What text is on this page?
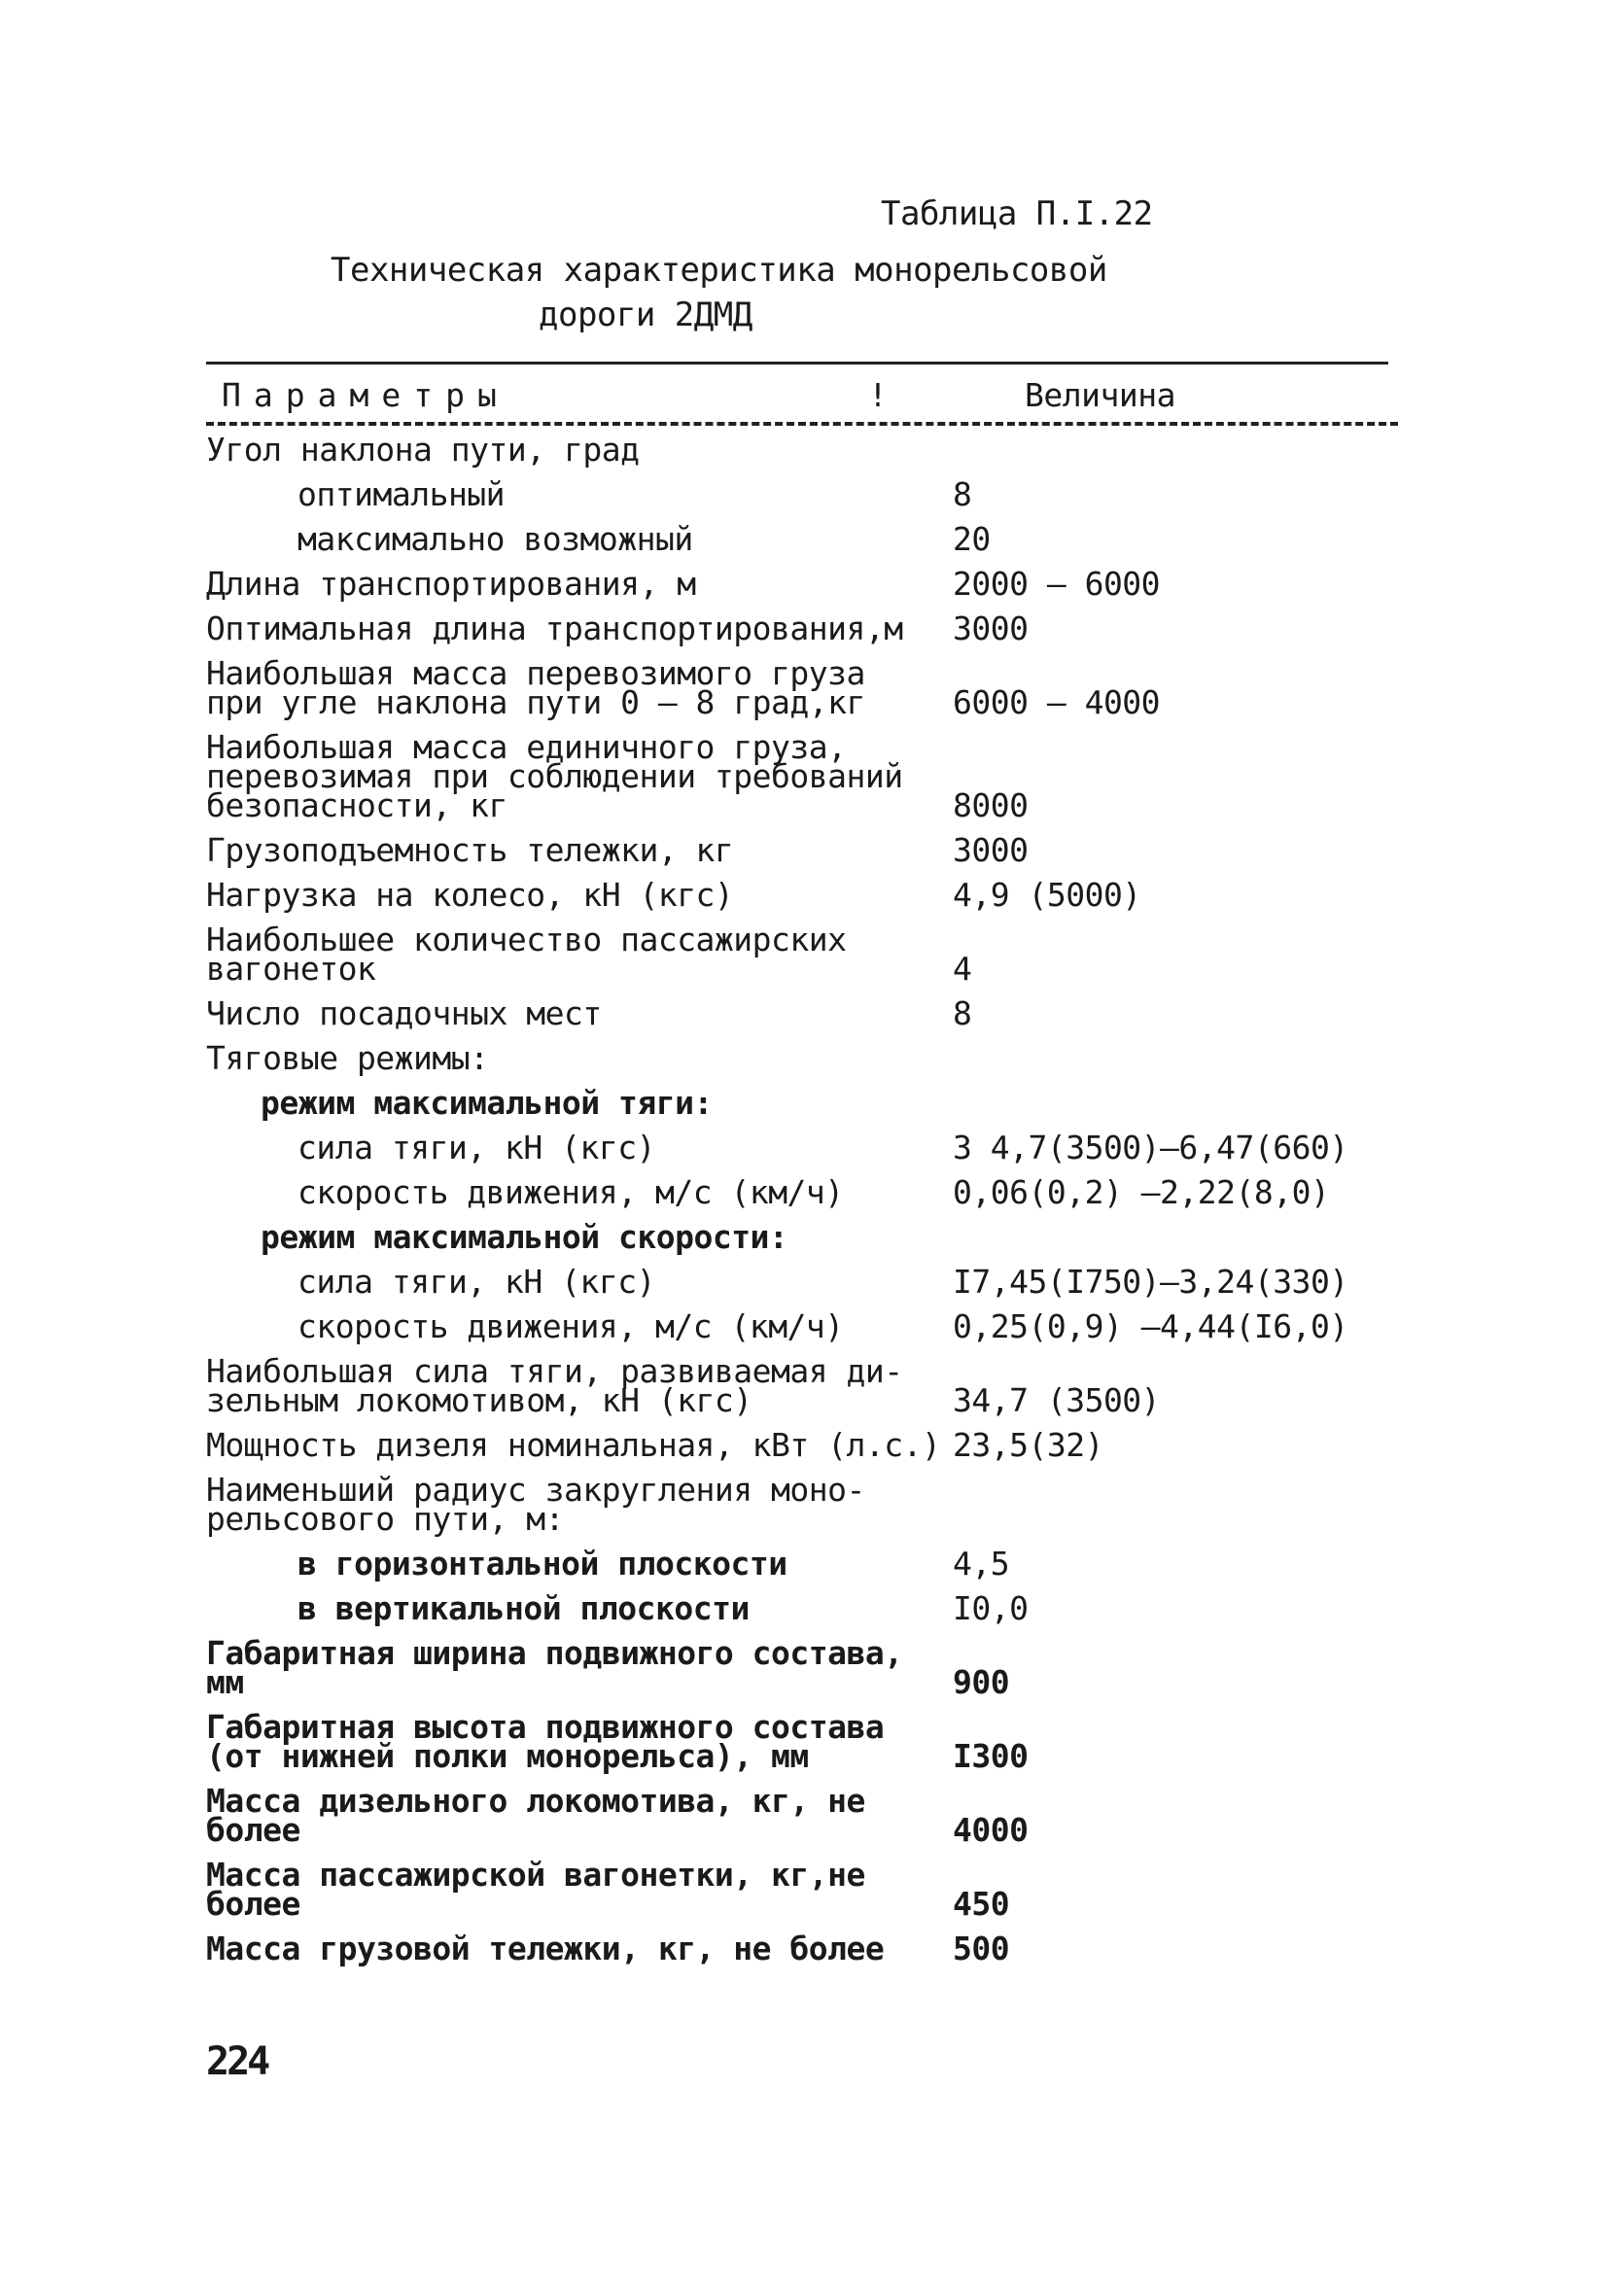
Таблица П.I.22
Техническая характеристика монорельсовой
дороги 2ДМД
Параметры	!	Величина
Угол наклона пути, град
оптимальный	8
максимально возможный	20
Длина транспортирования, м	2000 – 6000
Оптимальная длина транспортирования,м 3000
Наибольшая масса перевозимого груза
при угле наклона пути 0 – 8 град,кг	6000 – 4000
Наибольшая масса единичного груза,
перевозимая при соблюдении требований
безопасности, кг	8000
Грузоподъемность тележки, кг	3000
Нагрузка на колесо, кН (кгс)	4,9 (5000)
Наибольшее количество пассажирских
вагонеток	4
Число посадочных мест	8
Тяговые режимы:
режим максимальной тяги:
сила тяги, кН (кгс)	3 4,7(3500)–6,47(660)
скорость движения, м/с (км/ч)	0,06(0,2) –2,22(8,0)
режим максимальной скорости:
сила тяги, кН (кгс)	I7,45(I750)–3,24(330)
скорость движения, м/с (км/ч)	0,25(0,9) –4,44(I6,0)
Наибольшая сила тяги, развиваемая ди-
зельным локомотивом, кН (кгс)	34,7 (3500)
Мощность дизеля номинальная, кВт (л.с.) 23,5(32)
Наименьший радиус закругления моно-
рельсового пути, м:
в горизонтальной плоскости	4,5
в вертикальной плоскости	I0,0
Габаритная ширина подвижного состава,
мм	900
Габаритная высота подвижного состава
(от нижней полки монорельса), мм	I300
Масса дизельного локомотива, кг, не
более	4000
Масса пассажирской вагонетки, кг,не
более	450
Масса грузовой тележки, кг, не более 500
224
